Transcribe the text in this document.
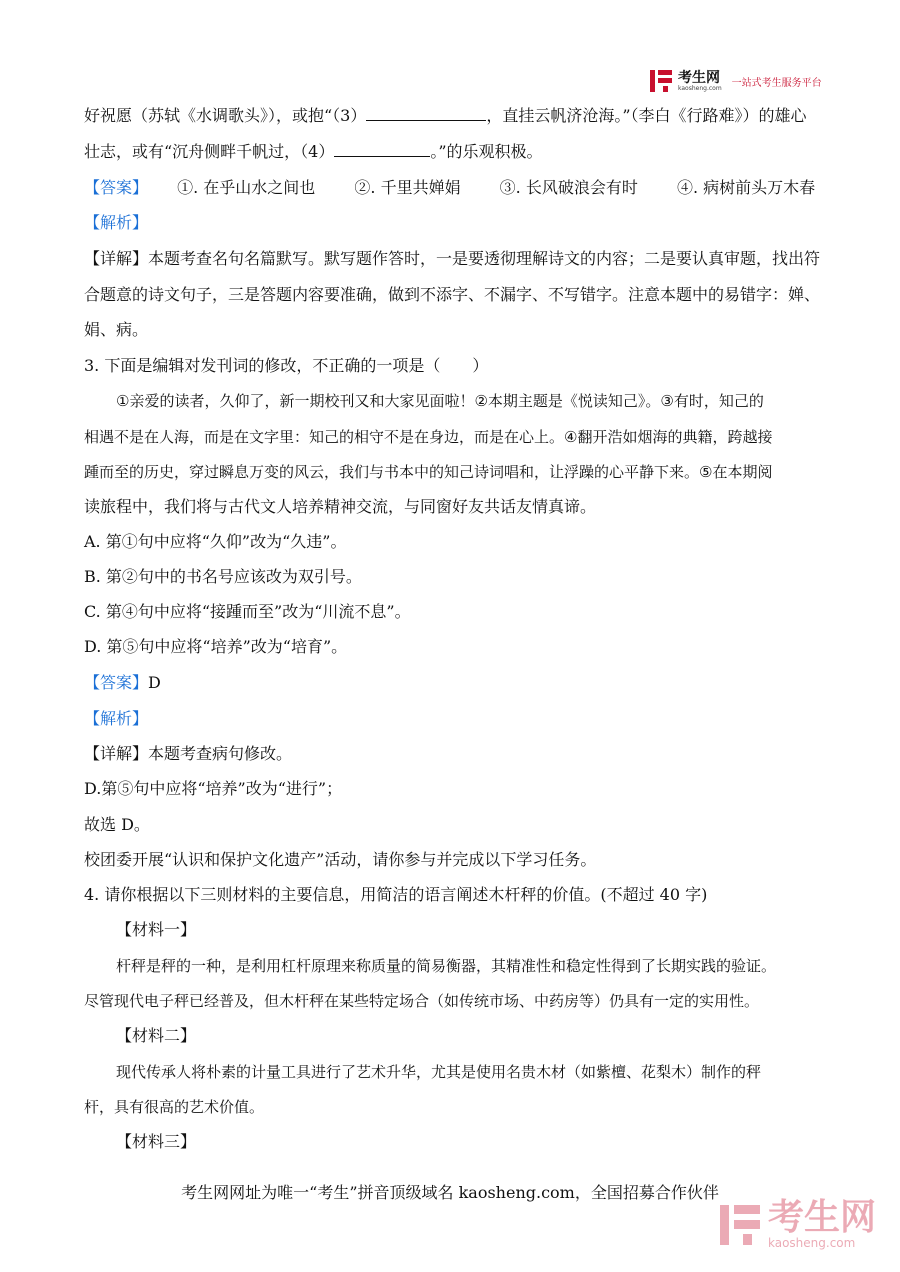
考生网
kaosheng.com 一站式考生服务平台
好祝愿（苏轼《水调歌头》），或抱“（3）	，直挂云帆济沧海。”（李白《行路难》）的雄心
壮志，或有“沉舟侧畔千帆过，（4）	。”的乐观积极。
【答案】 ①. 在乎山水之间也 ②. 千里共婵娟 ③. 长风破浪会有时 ④. 病树前头万木春
【解析】
【详解】本题考查名句名篇默写。默写题作答时，一是要透彻理解诗文的内容；二是要认真审题，找出符
合题意的诗文句子，三是答题内容要准确，做到不添字、不漏字、不写错字。注意本题中的易错字：婵、
娟、病。
3. 下面是编辑对发刊词的修改，不正确的一项是（　　）
①亲爱的读者，久仰了，新一期校刊又和大家见面啦！②本期主题是《悦读知己》。③有时，知己的
相遇不是在人海，而是在文字里：知己的相守不是在身边，而是在心上。④翻开浩如烟海的典籍，跨越接
踵而至的历史，穿过瞬息万变的风云，我们与书本中的知己诗词唱和，让浮躁的心平静下来。⑤在本期阅
读旅程中，我们将与古代文人培养精神交流，与同窗好友共话友情真谛。
A. 第①句中应将“久仰”改为“久违”。
B. 第②句中的书名号应该改为双引号。
C. 第④句中应将“接踵而至”改为“川流不息”。
D. 第⑤句中应将“培养”改为“培育”。
【答案】D
【解析】
【详解】本题考查病句修改。
D.第⑤句中应将“培养”改为“进行”；
故选 D。
校团委开展“认识和保护文化遗产”活动，请你参与并完成以下学习任务。
4. 请你根据以下三则材料的主要信息，用简洁的语言阐述木杆秤的价值。(不超过 40 字)
【材料一】
杆秤是秤的一种，是利用杠杆原理来称质量的简易衡器，其精准性和稳定性得到了长期实践的验证。
尽管现代电子秤已经普及，但木杆秤在某些特定场合（如传统市场、中药房等）仍具有一定的实用性。
【材料二】
现代传承人将朴素的计量工具进行了艺术升华，尤其是使用名贵木材（如紫檀、花梨木）制作的秤
杆，具有很高的艺术价值。
【材料三】
考生网网址为唯一“考生”拼音顶级域名 kaosheng.com，全国招募合作伙伴
考生网
kaosheng.com
